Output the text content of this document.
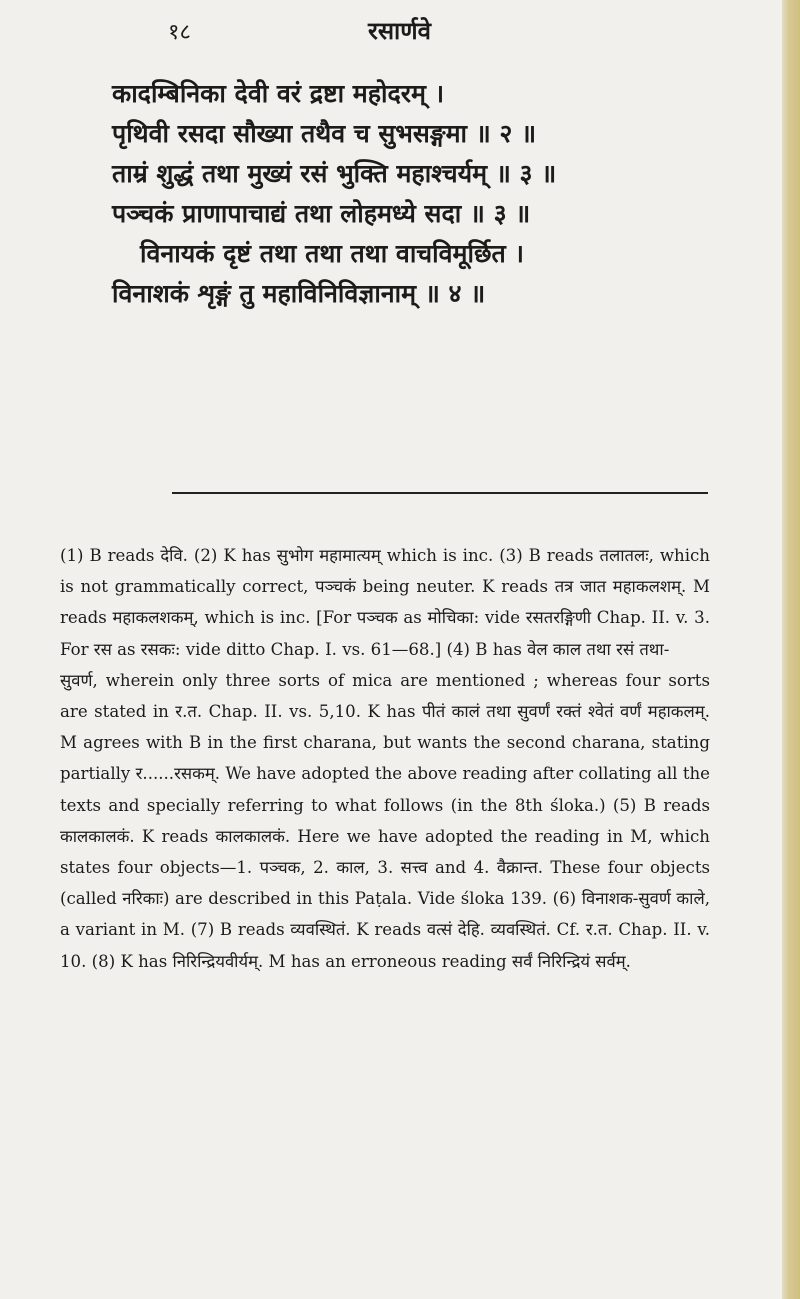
१८	रसार्णवे
कादम्बिनिका देवी वरं द्रष्टा महोदरम् ।
पृथिवी रसदा सौख्या तथैव च सुभसङ्गमा ॥ २ ॥
ताम्रं शुद्धं तथा मुख्यं रसं भुक्ति महाश्चर्यम् ॥ ३ ॥
पञ्चकं प्राणापाचाद्यं तथा लोहमध्ये सदा ॥ ३ ॥
विनायकं दृष्टं तथा तथा तथा वाचविमूर्छित ।
विनाशकं शृङ्गं तु महाविनिविज्ञानाम् ॥ ४ ॥

(1) B reads देवि. (2) K has सुभोग महामात्यम् which is inc. (3) B reads तलातलः, which is not grammatically correct, पञ्चकं being neuter. K reads तत्र जात महाकलशम्. M reads महाकलशकम्, which is inc. [For पञ्चक as मोचिका: vide रसतरङ्गिणी Chap. II. v. 3. For रस as रसकः: vide ditto Chap. I. vs. 61—68.] (4) B has वेल काल तथा रसं तथा-

सुवर्ण, wherein only three sorts of mica are mentioned ; whereas four sorts are stated in र.त. Chap. II. vs. 5,10. K has पीतं कालं तथा सुवर्णं रक्तं श्वेतं वर्णं महाकलम्. M agrees with B in the first charana, but wants the second charana, stating partially र......रसकम्. We have adopted the above reading after collating all the texts and specially referring to what follows (in the 8th śloka.) (5) B reads कालकालकं. K reads कालकालकं. Here we have adopted the reading in M, which states four objects—1. पञ्चक, 2. काल, 3. सत्त्व and 4. वैक्रान्त. These four objects (called नरिकाः) are described in this Paṭala. Vide śloka 139. (6) विनाशक-सुवर्ण काले, a variant in M. (7) B reads व्यवस्थितं. K reads वत्सं देहि. व्यवस्थितं. Cf. र.त. Chap. II. v. 10. (8) K has निरिन्द्रियवीर्यम्. M has an erroneous reading सर्वं निरिन्द्रियं सर्वम्.
